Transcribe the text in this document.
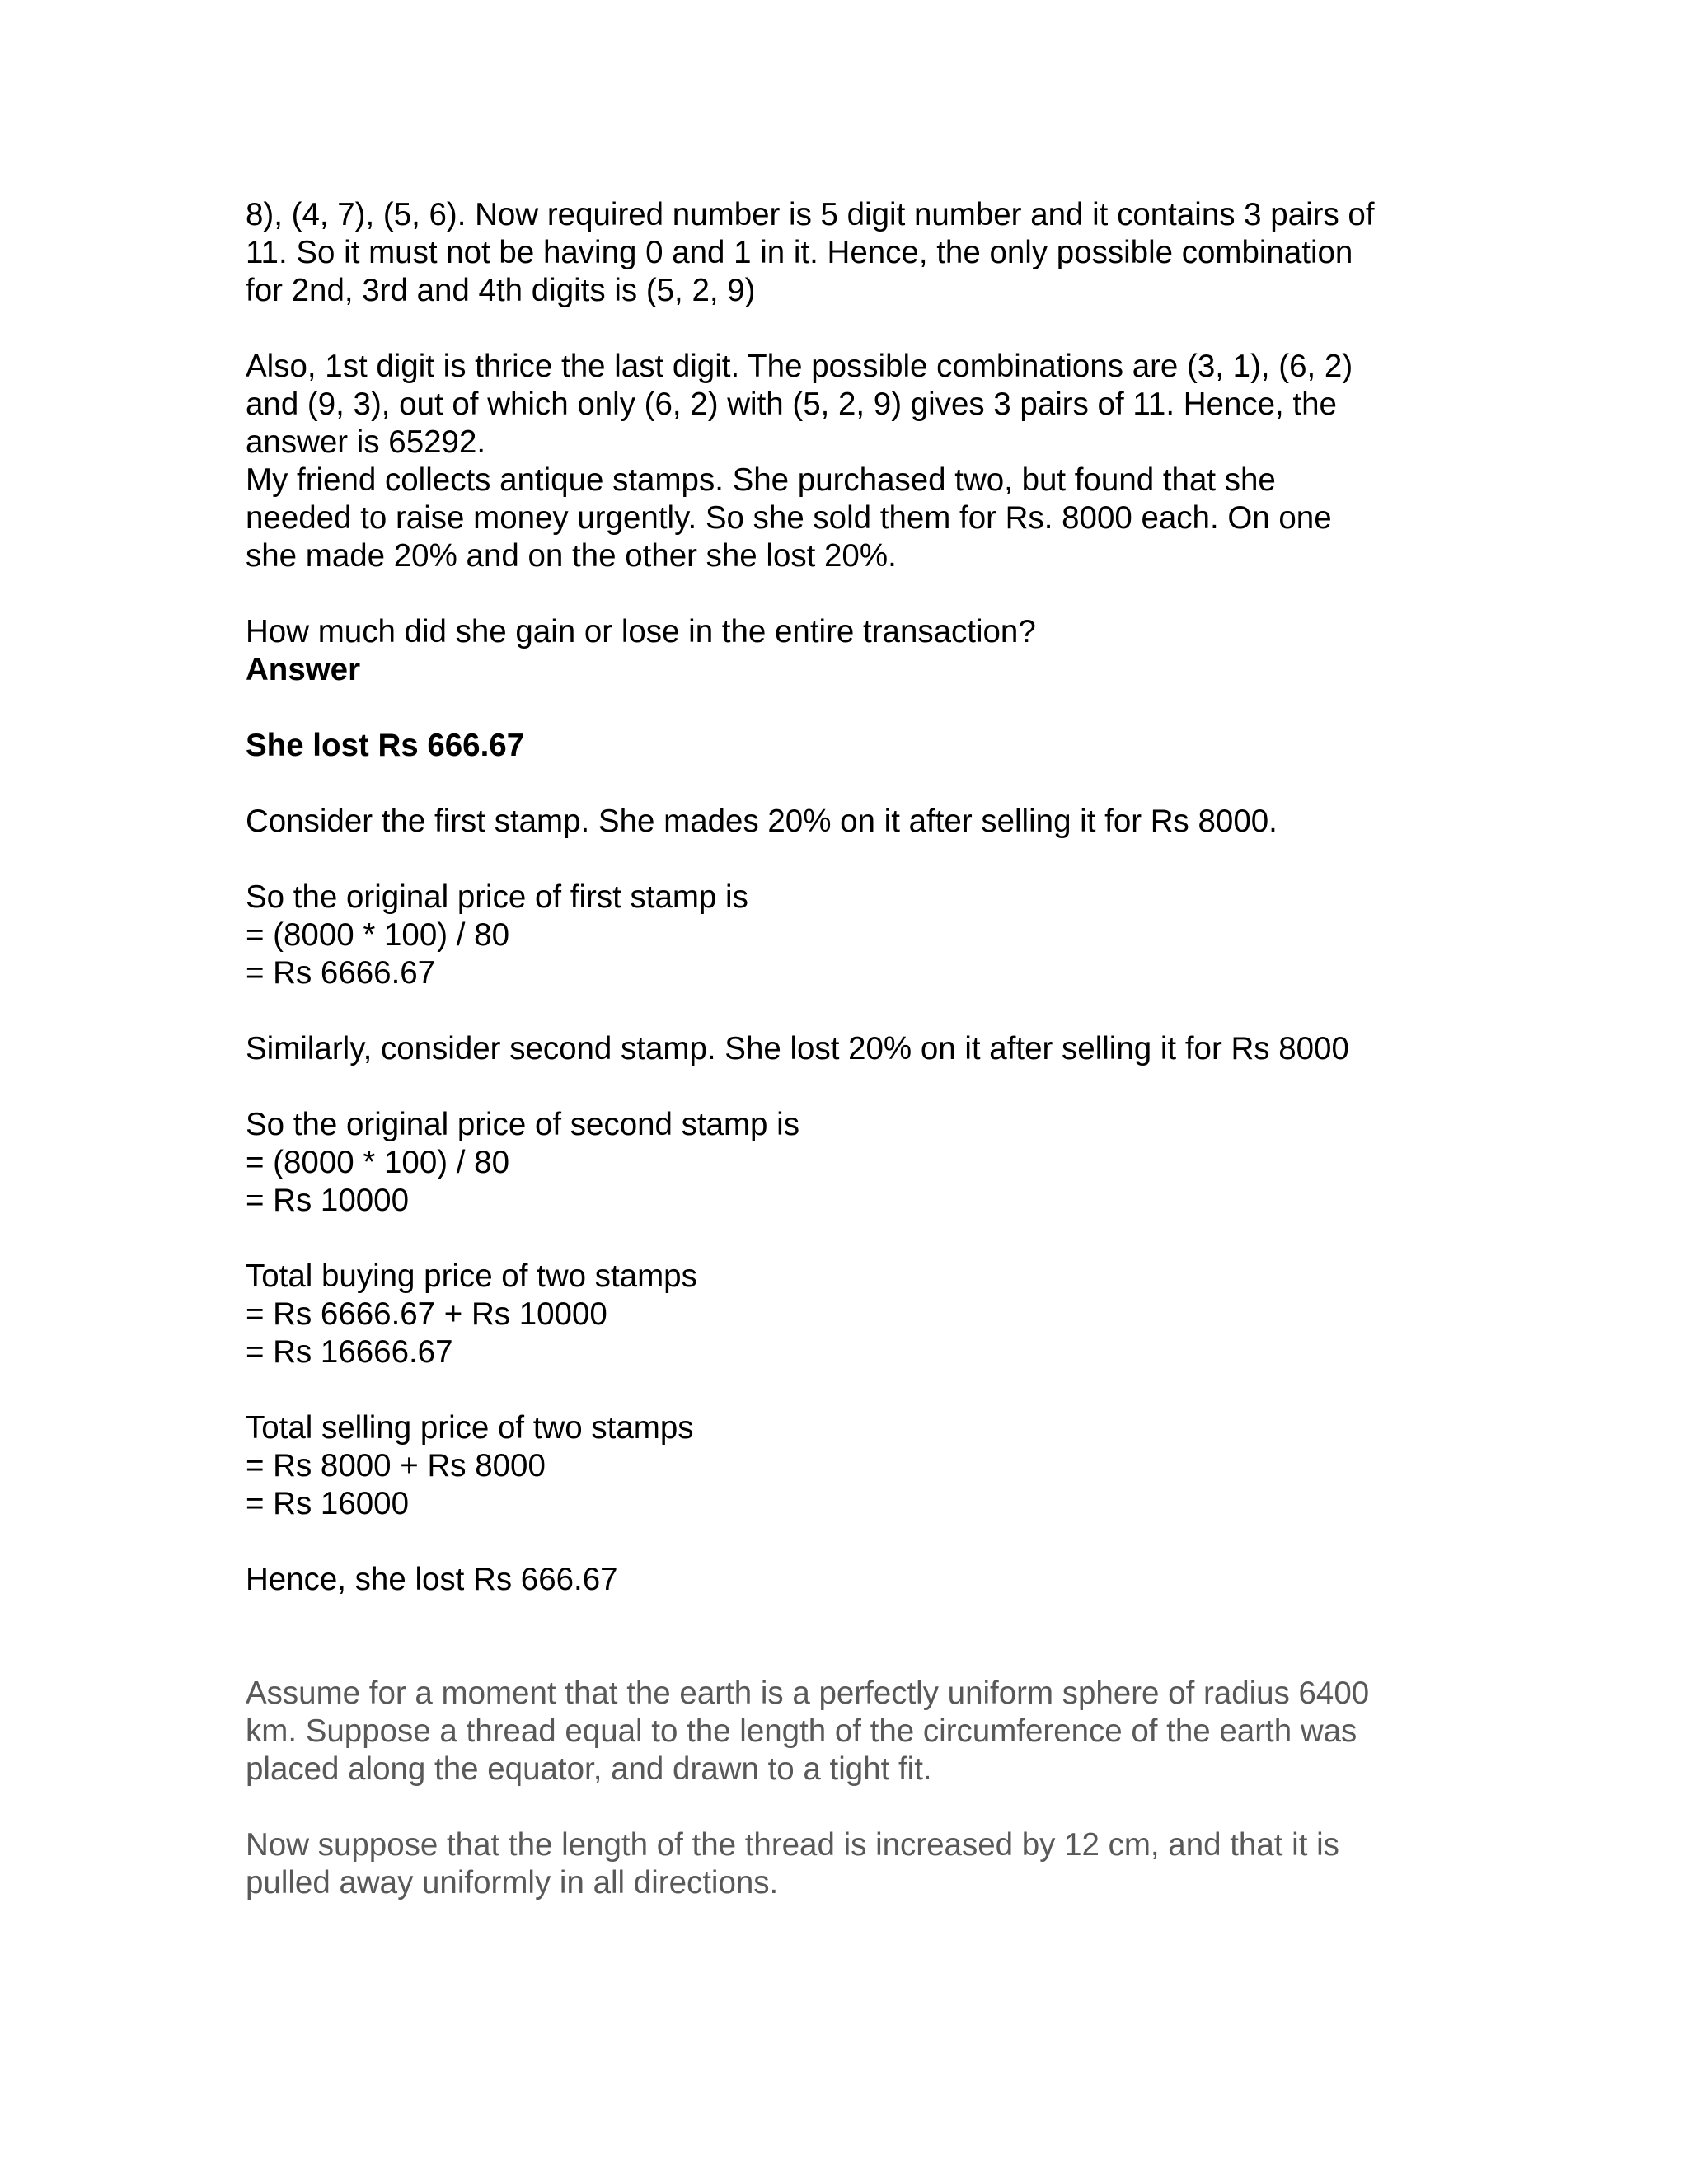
8), (4, 7), (5, 6). Now required number is 5 digit number and it contains 3 pairs of
11. So it must not be having 0 and 1 in it. Hence, the only possible combination
for 2nd, 3rd and 4th digits is (5, 2, 9)

Also, 1st digit is thrice the last digit. The possible combinations are (3, 1), (6, 2)
and (9, 3), out of which only (6, 2) with (5, 2, 9) gives 3 pairs of 11. Hence, the
answer is 65292.

My friend collects antique stamps. She purchased two, but found that she
needed to raise money urgently. So she sold them for Rs. 8000 each. On one
she made 20% and on the other she lost 20%.

How much did she gain or lose in the entire transaction?
Answer

She lost Rs 666.67

Consider the first stamp. She mades 20% on it after selling it for Rs 8000.

So the original price of first stamp is
= (8000 * 100) / 80
= Rs 6666.67

Similarly, consider second stamp. She lost 20% on it after selling it for Rs 8000

So the original price of second stamp is
= (8000 * 100) / 80
= Rs 10000

Total buying price of two stamps
= Rs 6666.67 + Rs 10000
= Rs 16666.67

Total selling price of two stamps
= Rs 8000 + Rs 8000
= Rs 16000

Hence, she lost Rs 666.67

Assume for a moment that the earth is a perfectly uniform sphere of radius 6400
km. Suppose a thread equal to the length of the circumference of the earth was
placed along the equator, and drawn to a tight fit.

Now suppose that the length of the thread is increased by 12 cm, and that it is
pulled away uniformly in all directions.
